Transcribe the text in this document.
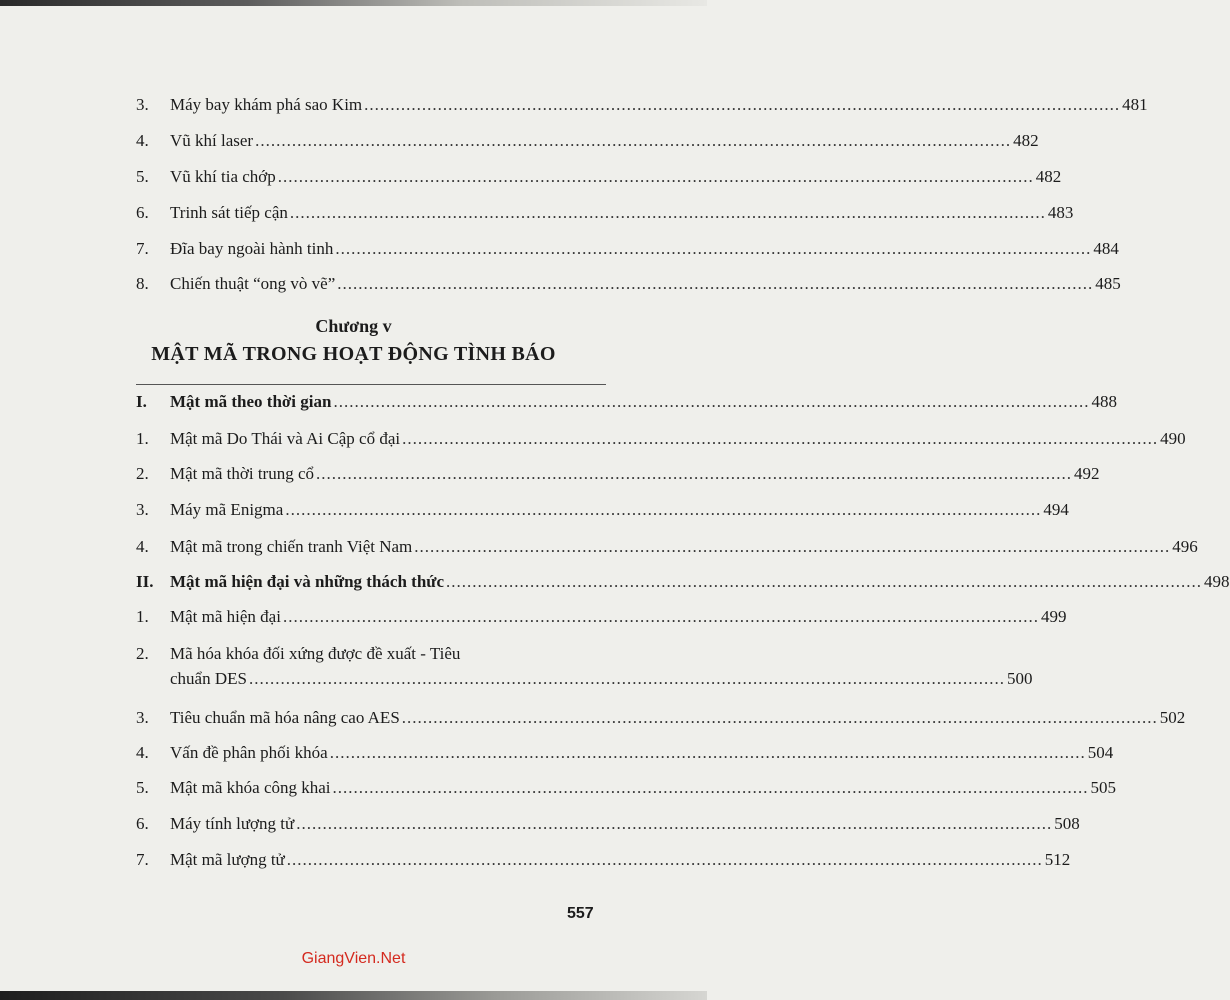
3.	Máy bay khám phá sao Kim .....	481
4.	Vũ khí laser .....	482
5.	Vũ khí tia chớp .....	482
6.	Trinh sát tiếp cận .....	483
7.	Đĩa bay ngoài hành tinh .....	484
8.	Chiến thuật “ong vò vẽ” .....	485
Chương v
MẬT MÃ TRONG HOẠT ĐỘNG TÌNH BÁO
I.	Mật mã theo thời gian .....	488
1.	Mật mã Do Thái và Ai Cập cổ đại .....	490
2.	Mật mã thời trung cổ .....	492
3.	Máy mã Enigma .....	494
4.	Mật mã trong chiến tranh Việt Nam .....	496
II. Mật mã hiện đại và những thách thức .....	498
1.	Mật mã hiện đại .....	499
2.	Mã hóa khóa đối xứng được đề xuất - Tiêu
chuẩn DES .....	500
3.	Tiêu chuẩn mã hóa nâng cao AES .....	502
4.	Vấn đề phân phối khóa .....	504
5.	Mật mã khóa công khai .....	505
6.	Máy tính lượng tử .....	508
7.	Mật mã lượng tử .....	512
557
GiangVien.Net
